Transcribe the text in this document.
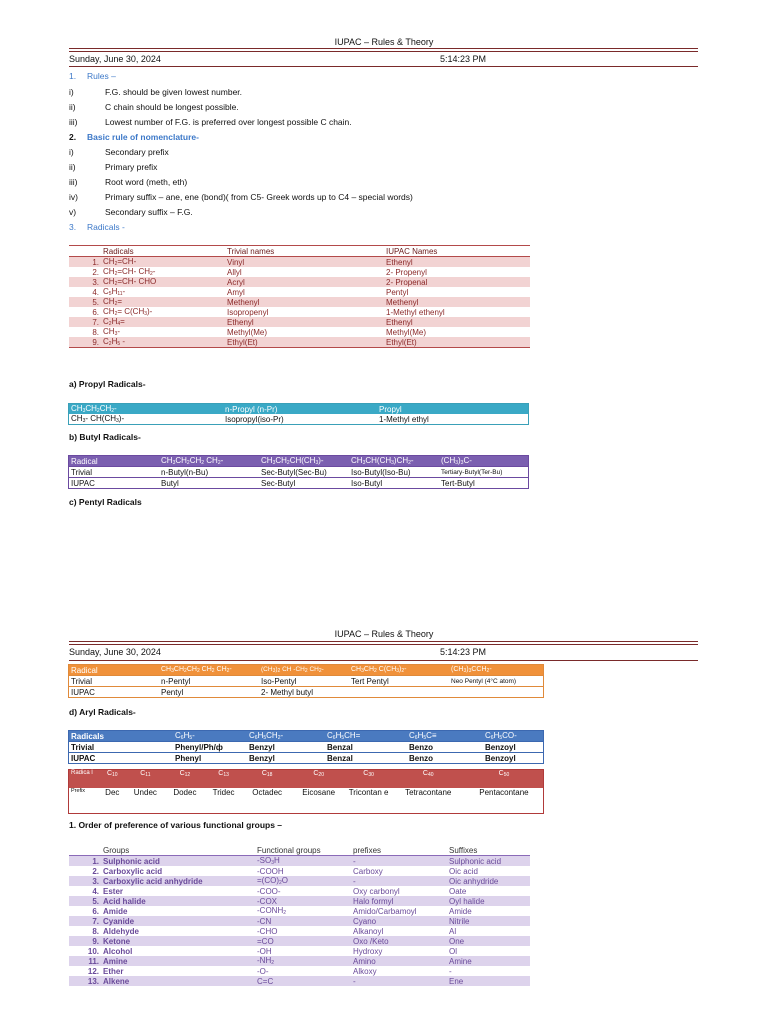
IUPAC – Rules & Theory
Sunday, June 30, 2024	5:14:23 PM
1. Rules –
i)	F.G. should be given lowest number.
ii)	C chain should be longest possible.
iii)	Lowest number of F.G. is preferred over longest possible C chain.
2. Basic rule of nomenclature-
i)	Secondary prefix
ii)	Primary prefix
iii)	Root word (meth, eth)
iv)	Primary suffix – ane, ene (bond)( from C5- Greek words up to C4 – special words)
v)	Secondary suffix – F.G.
3. Radicals -
	Radicals	Trivial names	IUPAC Names
1.	$CH_2=CH-$	Vinyl	Ethenyl
2.	$CH_2=CH-$ $CH_2-$	Allyl	2- Propenyl
3.	$CH_2=CH-$ CHO	Acryl	2- Propenal
4.	$C_5H_{11}-$	Amyl	Pentyl
5.	$CH_2=$	Methenyl	Methenyl
6.	$CH_2= C(CH_3)-$	Isopropenyl	1-Methyl ethenyl
7.	$C_2H_4=$	Ethenyl	Ethenyl
8.	$CH_3-$	Methyl(Me)	Methyl(Me)
9.	$C_2H_5$ -	Ethyl(Et)	Ethyl(Et)
a) Propyl Radicals-
$CH_3CH_2CH_2-$	n-Propyl (n-Pr)	Propyl
$CH_3-$ $CH(CH_3)-$	Isopropyl(iso-Pr)	1-Methyl ethyl
b) Butyl Radicals-
Radical	$CH_3CH_2CH_2$ $CH_2-$	$CH_3CH_2CH(CH_3)-$	$CH_3CH(CH_3)CH_2-$	$(CH_3)_3C-$
Trivial	n-Butyl(n-Bu)	Sec-Butyl(Sec-Bu)	Iso-Butyl(Iso-Bu)	Tertiary-Butyl(Ter-Bu)
IUPAC	Butyl	Sec-Butyl	Iso-Butyl	Tert-Butyl
c) Pentyl Radicals
IUPAC – Rules & Theory
Sunday, June 30, 2024	5:14:23 PM
Radical	$CH_3CH_2CH_2$ $CH_2$ $CH_2-$	$(CH_3)_2$ CH $-CH_2$ $CH_2-$	$CH_3CH_2$ $C(CH_3)_2-$	$(CH_3)_3CCH_2-$
Trivial	n-Pentyl	Iso-Pentyl	Tert Pentyl	Neo Pentyl (4°C atom)
IUPAC	Pentyl	2- Methyl butyl		
d) Aryl Radicals-
Radicals	$C_6H_5-$	$C_6H_5CH_2-$	$C_6H_5CH=$	$C_6H_5C\equiv$	$C_6H_5CO-$
Trivial	Phenyl/Ph/ф	Benzyl	Benzal	Benzo	Benzoyl
IUPAC	Phenyl	Benzyl	Benzal	Benzo	Benzoyl
Radica l	$C_{10}$	$C_{11}$	$C_{12}$	$C_{13}$	$C_{18}$	$C_{20}$	$C_{30}$	$C_{40}$	$C_{50}$
Prefix	Dec	Undec	Dodec	Tridec	Octadec	Eicosane	Tricontan e	Tetracontane	Pentacontane
1. Order of preference of various functional groups –
	Groups	Functional groups	prefixes	Suffixes
1.	Sulphonic acid	$-SO_3H$	-	Sulphonic acid
2.	Carboxylic acid	-COOH	Carboxy	Oic acid
3.	Carboxylic acid anhydride	$=(CO)_2O$	-	Oic anhydride
4.	Ester	-COO-	Oxy carbonyl	Oate
5.	Acid halide	-COX	Halo formyl	Oyl halide
6.	Amide	$-CONH_2$	Amido/Carbamoyl	Amide
7.	Cyanide	-CN	Cyano	Nitrile
8.	Aldehyde	-CHO	Alkanoyl	Al
9.	Ketone	=CO	Oxo /Keto	One
10.	Alcohol	-OH	Hydroxy	Ol
11.	Amine	$-NH_2$	Amino	Amine
12.	Ether	-O-	Alkoxy	-
13.	Alkene	C=C	-	Ene
